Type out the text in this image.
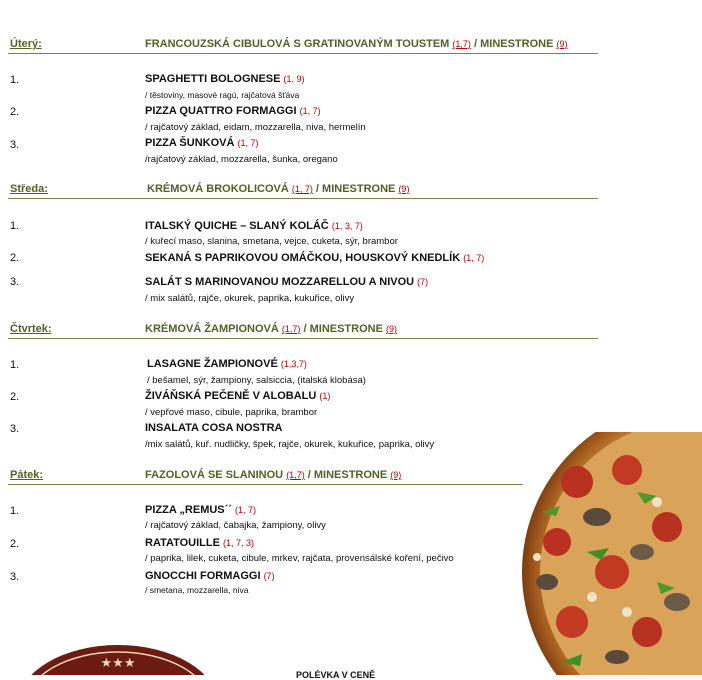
Úterý:	FRANCOUZSKÁ CIBULOVÁ S GRATINOVANÝM TOUSTEM (1,7) / MINESTRONE (9)
1.	SPAGHETTI BOLOGNESE (1, 9)
/ těstoviny, masové ragú, rajčatová šťáva
2.	PIZZA QUATTRO FORMAGGI (1, 7)
/ rajčatový základ, eidam, mozzarella, niva, hermelín
3.	PIZZA ŠUNKOVÁ (1, 7)
/rajčatový základ, mozzarella, šunka, oregano
Středa:	KRÉMOVÁ BROKOLICOVÁ (1, 7) / MINESTRONE (9)
1.	ITALSKÝ QUICHE – SLANÝ KOLÁČ (1, 3, 7)
/ kuřecí maso, slanina, smetana, vejce, cuketa, sýr, brambor
2.	SEKANÁ S PAPRIKOVOU OMÁČKOU, HOUSKOVÝ KNEDLÍK (1, 7)
3.	SALÁT S MARINOVANOU MOZZARELLOU A NIVOU (7)
/ mix salátů, rajče, okurek, paprika, kukuřice, olivy
Čtvrtek:	KRÉMOVÁ ŽAMPIONOVÁ (1,7) / MINESTRONE (9)
1.	LASAGNE ŽAMPIONOVÉ (1,3,7)
/ bešamel, sýr, žampiony, salsiccia, (italská klobása)
2.	ŽIVÁŇSKÁ PEČENĚ V ALOBALU (1)
/ vepřové maso, cibule, paprika, brambor
3.	INSALATA COSA NOSTRA
/mix salátů, kuř. nudličky, špek, rajče, okurek, kukuřice, paprika, olivy
Pátek:	FAZOLOVÁ SE SLANINOU (1,7) / MINESTRONE (9)
1.	PIZZA „REMUS´´ (1, 7)
/ rajčatový základ, čabajka, žampiony, olivy
2.	RATATOUILLE (1, 7, 3)
/ paprika, lilek, cuketa, cibule, mrkev, rajčata, provensálské koření, pečivo
3.	GNOCCHI FORMAGGI (7)
/ smetana, mozzarella, niva
★★★
POLÉVKA V CENĚ
